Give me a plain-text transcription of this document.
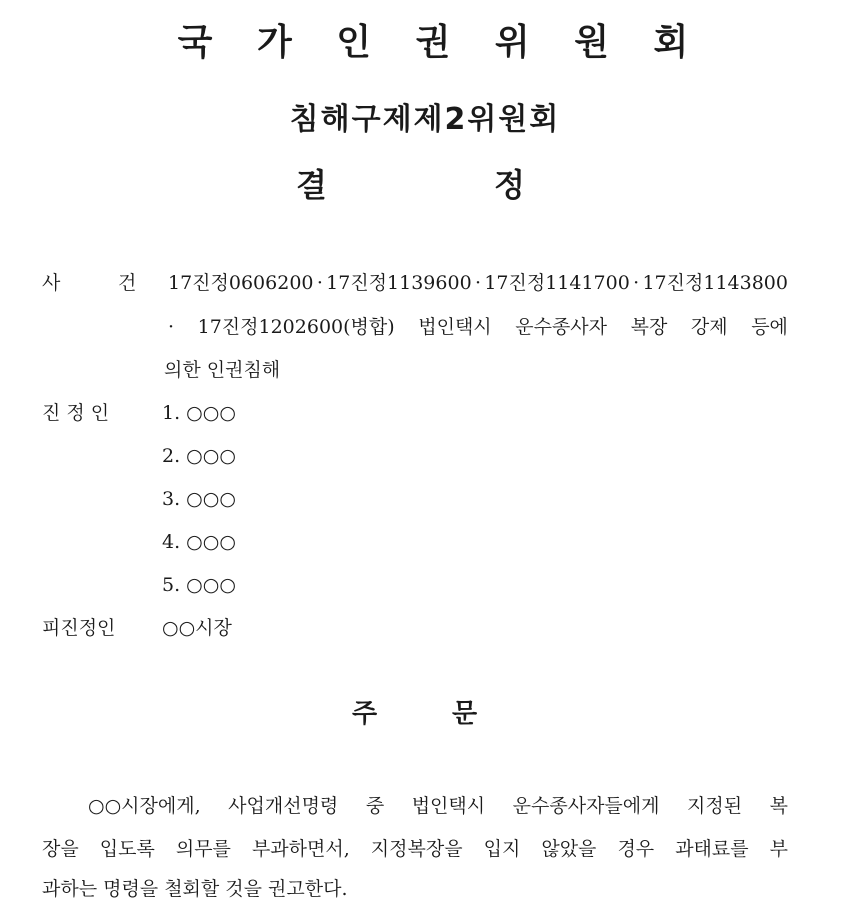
국 가 인 권 위 원 회
침해구제제2위원회
결	정
사	건 17진정0606200 · 17진정1139600 · 17진정1141700 · 17진정1143800
· 17진정1202600(병합) 법인택시 운수종사자 복장 강제 등에
의한 인권침해
진 정 인	1. ○○○
2. ○○○
3. ○○○
4. ○○○
5. ○○○
피진정인 ○○시장
주	문
○○시장에게, 사업개선명령 중 법인택시 운수종사자들에게 지정된 복
장을 입도록 의무를 부과하면서, 지정복장을 입지 않았을 경우 과태료를 부
과하는 명령을 철회할 것을 권고한다.
